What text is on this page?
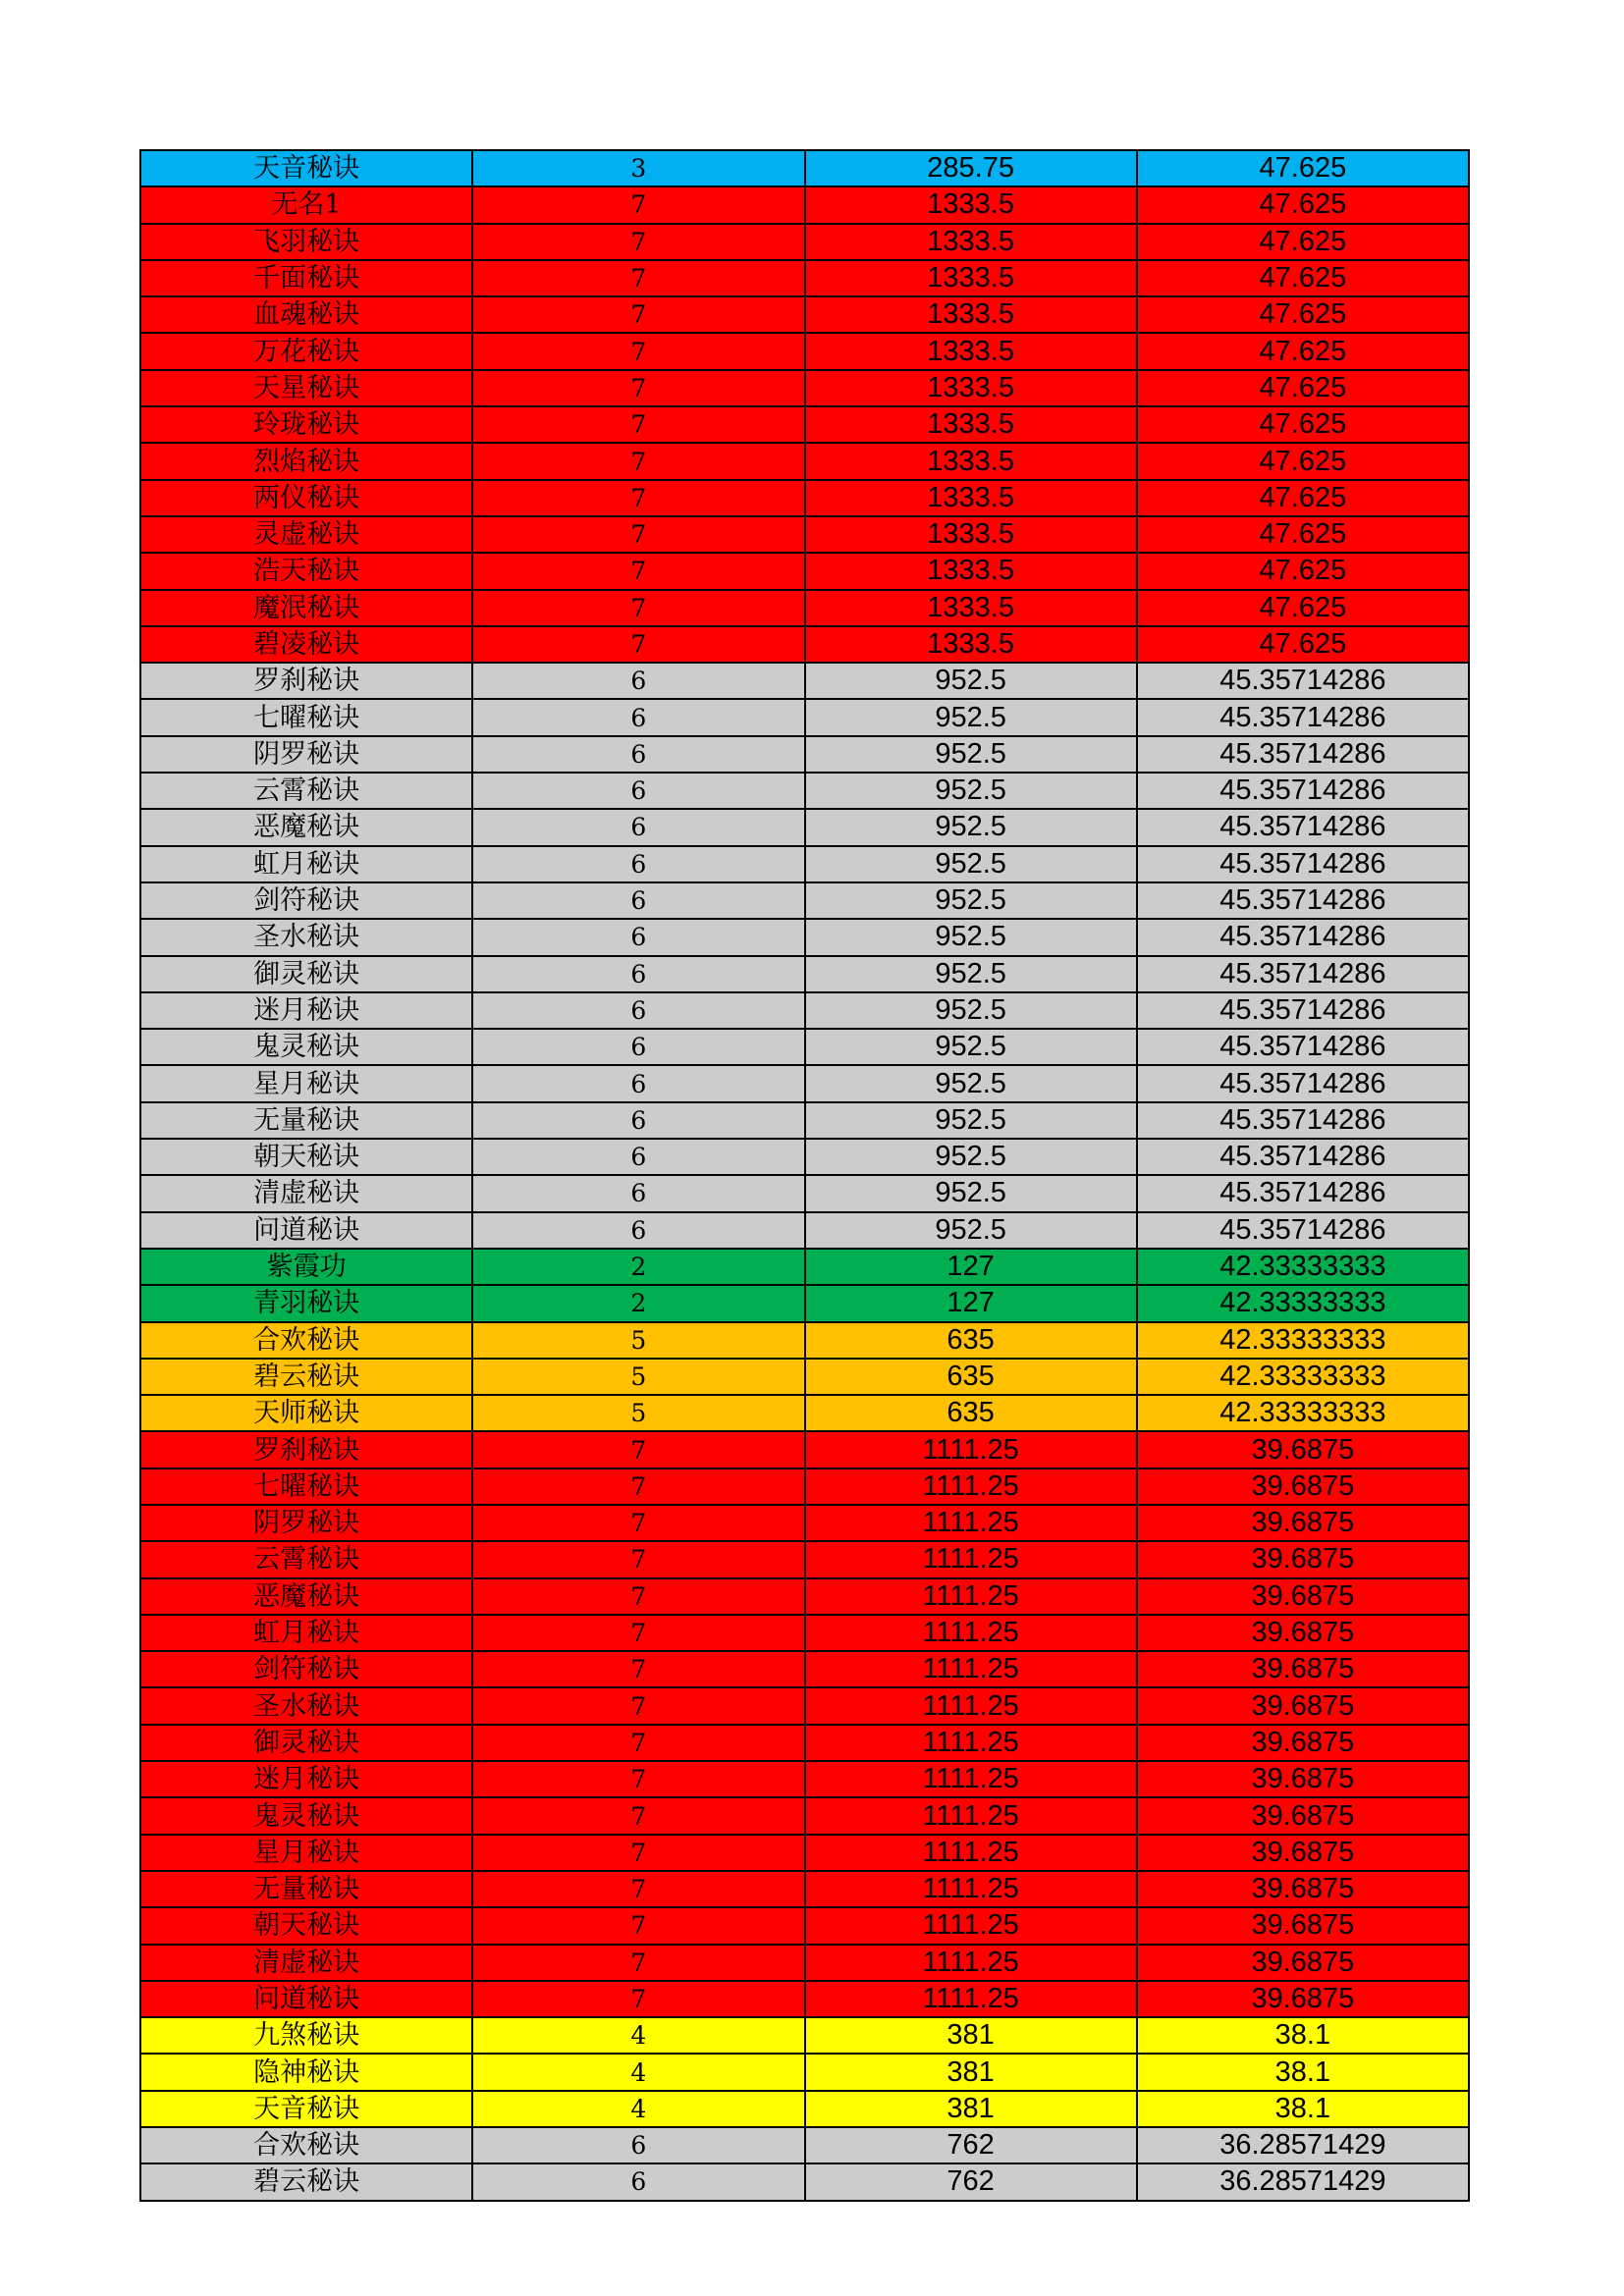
天音秘诀	3	285.75	47.625
无名1	7	1333.5	47.625
飞羽秘诀	7	1333.5	47.625
千面秘诀	7	1333.5	47.625
血魂秘诀	7	1333.5	47.625
万花秘诀	7	1333.5	47.625
天星秘诀	7	1333.5	47.625
玲珑秘诀	7	1333.5	47.625
烈焰秘诀	7	1333.5	47.625
两仪秘诀	7	1333.5	47.625
灵虚秘诀	7	1333.5	47.625
浩天秘诀	7	1333.5	47.625
魔泯秘诀	7	1333.5	47.625
碧凌秘诀	7	1333.5	47.625
罗刹秘诀	6	952.5	45.35714286
七曜秘诀	6	952.5	45.35714286
阴罗秘诀	6	952.5	45.35714286
云霄秘诀	6	952.5	45.35714286
恶魔秘诀	6	952.5	45.35714286
虹月秘诀	6	952.5	45.35714286
剑符秘诀	6	952.5	45.35714286
圣水秘诀	6	952.5	45.35714286
御灵秘诀	6	952.5	45.35714286
迷月秘诀	6	952.5	45.35714286
鬼灵秘诀	6	952.5	45.35714286
星月秘诀	6	952.5	45.35714286
无量秘诀	6	952.5	45.35714286
朝天秘诀	6	952.5	45.35714286
清虚秘诀	6	952.5	45.35714286
问道秘诀	6	952.5	45.35714286
紫霞功	2	127	42.33333333
青羽秘诀	2	127	42.33333333
合欢秘诀	5	635	42.33333333
碧云秘诀	5	635	42.33333333
天师秘诀	5	635	42.33333333
罗刹秘诀	7	1111.25	39.6875
七曜秘诀	7	1111.25	39.6875
阴罗秘诀	7	1111.25	39.6875
云霄秘诀	7	1111.25	39.6875
恶魔秘诀	7	1111.25	39.6875
虹月秘诀	7	1111.25	39.6875
剑符秘诀	7	1111.25	39.6875
圣水秘诀	7	1111.25	39.6875
御灵秘诀	7	1111.25	39.6875
迷月秘诀	7	1111.25	39.6875
鬼灵秘诀	7	1111.25	39.6875
星月秘诀	7	1111.25	39.6875
无量秘诀	7	1111.25	39.6875
朝天秘诀	7	1111.25	39.6875
清虚秘诀	7	1111.25	39.6875
问道秘诀	7	1111.25	39.6875
九煞秘诀	4	381	38.1
隐神秘诀	4	381	38.1
天音秘诀	4	381	38.1
合欢秘诀	6	762	36.28571429
碧云秘诀	6	762	36.28571429
